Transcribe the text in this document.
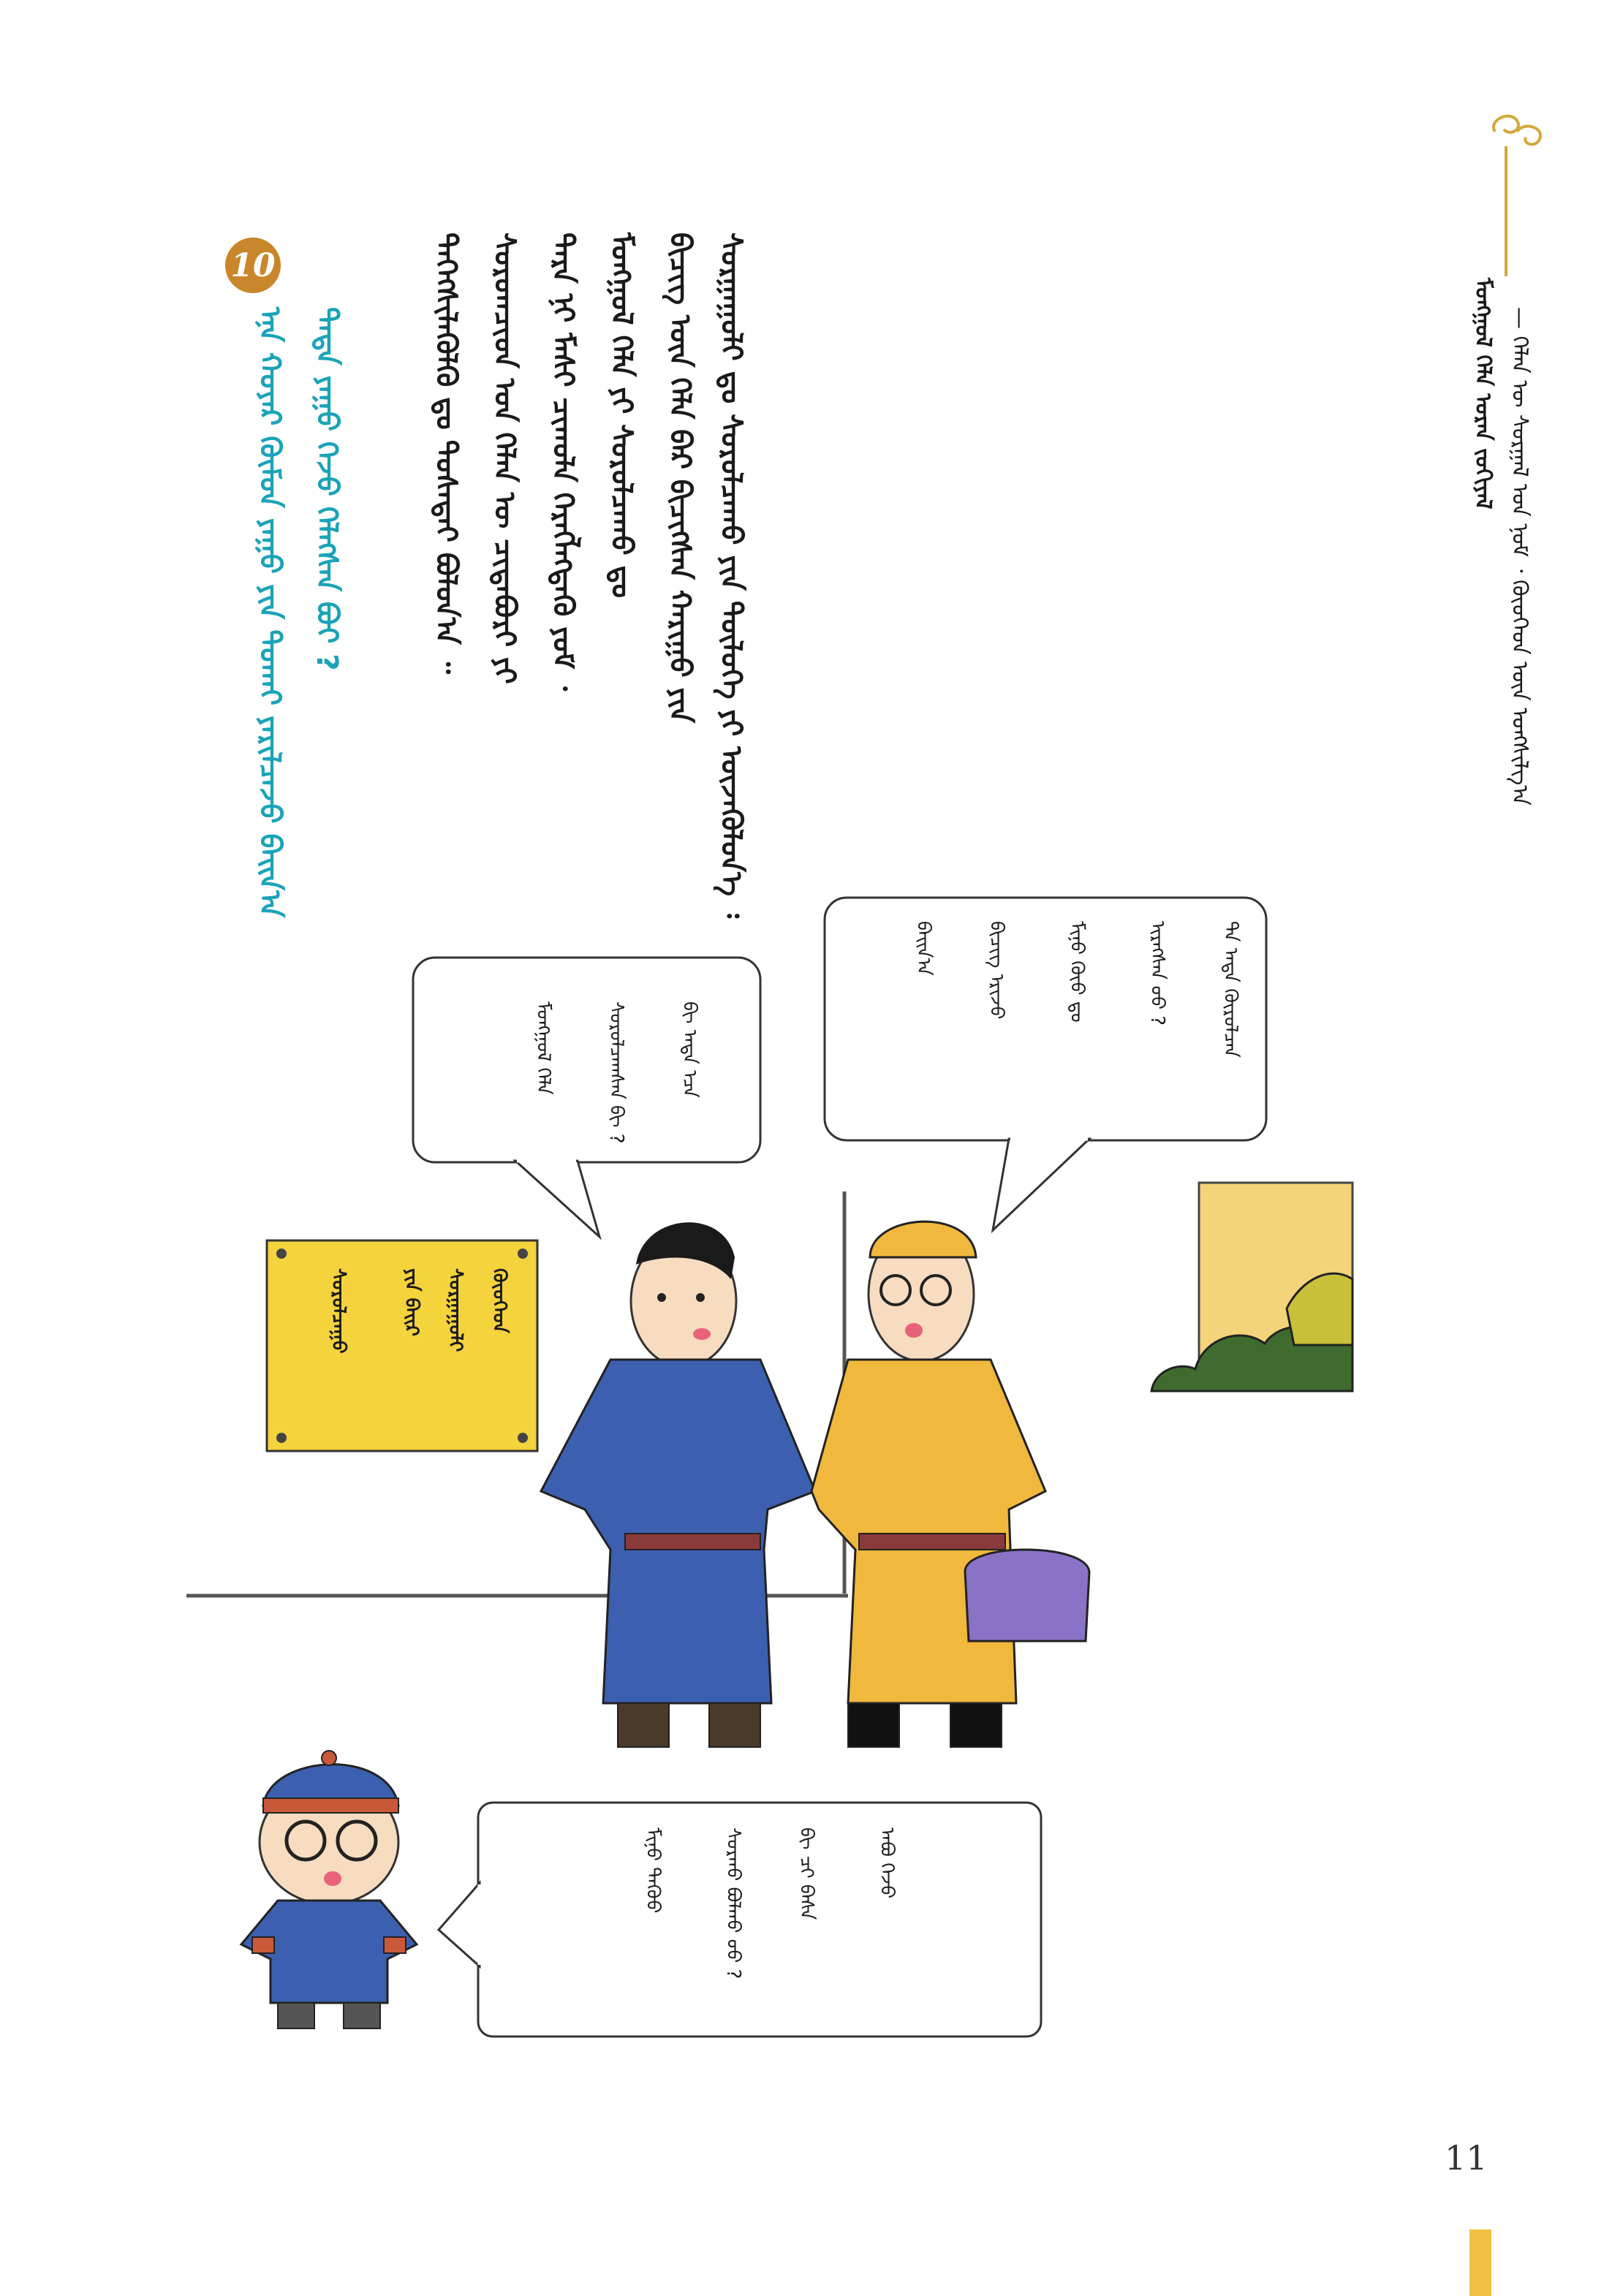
ᠮᠣᠩᠭᠣᠯ ᠬᠡᠯᠡ ᠤᠷᠠᠨ ᠵᠣᠬᠢᠶᠠᠯ — ᠬᠡᠯᠡᠨ ᠦ ᠰᠤᠷᠭᠠᠯ ᠤᠨ ᠨᠣᠮ ᠂ ᠬᠦᠦᠬᠡᠳ ᠦᠨ ᠤᠩᠱᠢᠯᠭ᠎ᠠ
ᠰᠤᠷᠭᠠᠭᠤᠯᠢ ᠳᠤ ᠰᠤᠷᠤᠯᠴᠠᠬᠤ ᠶᠢᠨ ᠲᠥᠯᠦᠭᠡ ᠶᠢ ᠦᠵᠡᠭᠦᠯᠦᠨ᠎ᠡ ᠄
ᠪᠢᠴᠢᠭ ᠦᠨ ᠬᠡᠯᠡ ᠪᠡᠷ ᠪᠢᠴᠢᠭᠰᠡᠨ ᠬᠠᠷᠢᠭᠤ ᠶᠢᠨ
ᠮᠣᠩᠭᠣᠯ ᠬᠡᠯᠡ ᠶᠢ ᠰᠤᠷᠤᠯᠴᠠᠬᠤ ᠳᠤ
ᠲᠡᠷᠡ ᠨᠢ ᠮᠠᠰᠢ ᠴᠢᠬᠤᠯᠠ ᠬᠡᠷᠡᠭᠯᠡᠭᠳᠡᠬᠦ ᠶᠤᠮ ᠂
ᠰᠤᠷᠤᠭᠴᠢᠳ ᠤᠨ ᠬᠡᠯᠡᠨ ᠦ ᠴᠢᠳᠠᠪᠤᠷᠢ ᠶᠢ
ᠳᠡᠭᠡᠭᠰᠢᠯᠡᠭᠦᠯᠬᠦ ᠳᠤ ᠲᠤᠰᠠᠲᠠᠢ ᠪᠣᠯᠤᠨ᠎ᠠ ᠃
10
ᠡᠨᠡ ᠬᠣᠶᠠᠷ ᠬᠦᠮᠦᠨ ᠶᠠᠭᠤ ᠶᠢᠨ ᠲᠤᠬᠠᠢ ᠶᠠᠷᠢᠯᠴᠠᠵᠤ ᠪᠠᠢᠨ᠎ᠠ ᠲᠡᠳᠡ ᠶᠠᠭᠤ ᠭᠡᠵᠦ ᠬᠡᠯᠡᠭᠰᠡᠨ ᠪᠤᠢ ?
ᠪᠢ ᠡᠨᠳᠡ ᠡᠴᠡ
ᠰᠤᠷᠤᠯᠴᠠᠭᠰᠠᠨ ᠪᠢ ?
ᠮᠣᠩᠭᠣᠯ ᠬᠡᠯᠡ	ᠲᠠ ᠡᠨᠳᠡ ᠬᠦᠷᠦᠯᠴᠡᠨ
ᠢᠷᠡᠭᠰᠡᠨ ᠦᠦ ?
ᠮᠢᠨᠤ ᠬᠦᠦ ᠳᠤ
ᠪᠢᠴᠢᠭ ᠡᠷᠢᠵᠦ
ᠪᠠᠢᠨ᠎ᠠ
ᠠᠪᠤ ᠭᠡᠵᠦ
ᠪᠢ ᠴᠢ ᠪᠠᠰᠠ
ᠰᠤᠷᠬᠤ ᠪᠣᠯᠬᠤ ᠤᠤ ?
ᠮᠢᠨᠤ ᠳᠡᠭᠦᠦ
ᠬᠦᠦᠬᠡᠳ
ᠰᠤᠷᠭᠠᠭᠤᠯᠢ
ᠶᠢᠨ ᠪᠠᠢᠷ
ᠰᠤᠷᠤᠯᠴᠠᠭᠤ
11
